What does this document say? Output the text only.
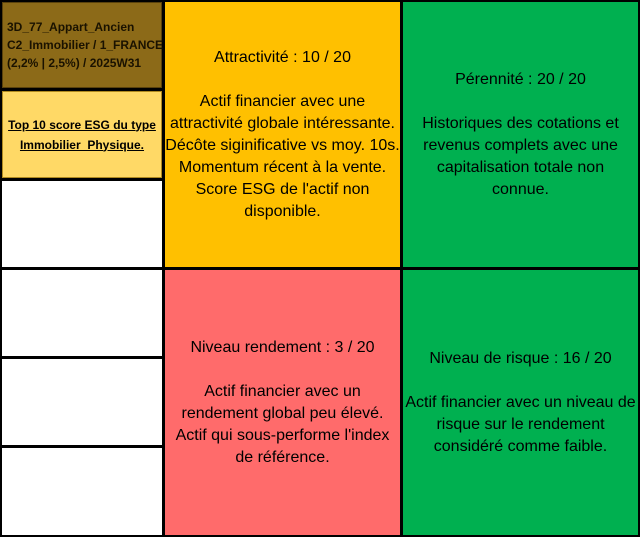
3D_77_Appart_Ancien
C2_Immobilier / 1_FRANCE
(2,2% | 2,5%) / 2025W31
Top 10 score ESG du type
Immobilier_Physique.
Attractivité : 10 / 20
Actif financier avec une
attractivité globale intéressante.
Décôte siginificative vs moy. 10s.
Momentum récent à la vente.
Score ESG de l'actif non
disponible.
Pérennité : 20 / 20
Historiques des cotations et
revenus complets avec une
capitalisation totale non
connue.
Niveau rendement : 3 / 20
Actif financier avec un
rendement global peu élevé.
Actif qui sous-performe l'index
de référence.
Niveau de risque : 16 / 20
Actif financier avec un niveau de
risque sur le rendement
considéré comme faible.
